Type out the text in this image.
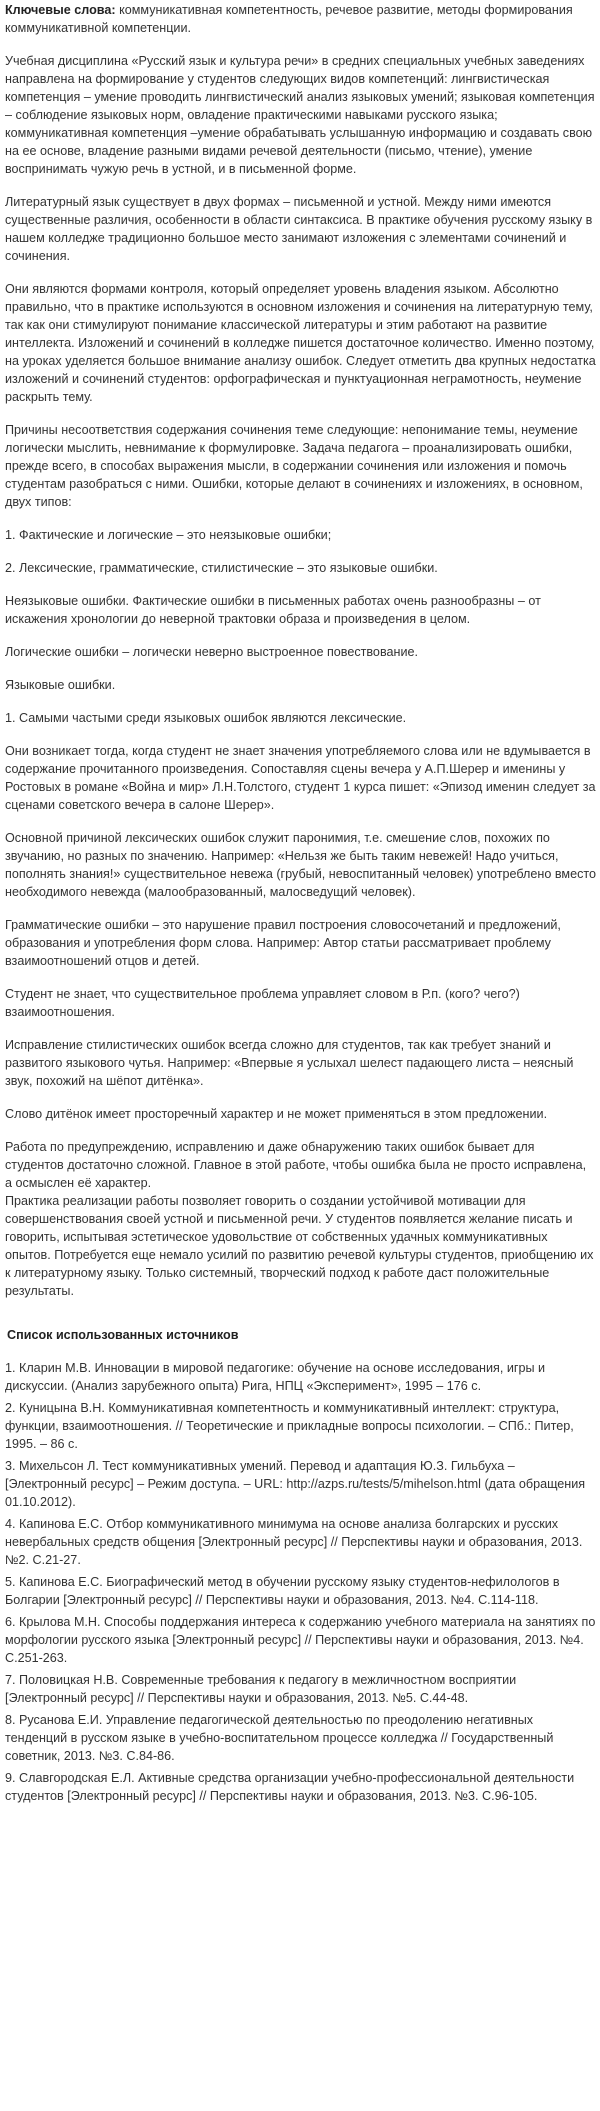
Ключевые слова: коммуникативная компетентность, речевое развитие, методы формирования коммуникативной компетенции.

Учебная дисциплина «Русский язык и культура речи» в средних специальных учебных заведениях направлена на формирование у студентов следующих видов компетенций: лингвистическая компетенция – умение проводить лингвистический анализ языковых умений; языковая компетенция – соблюдение языковых норм, овладение практическими навыками русского языка; коммуникативная компетенция –умение обрабатывать услышанную информацию и создавать свою на ее основе, владение разными видами речевой деятельности (письмо, чтение), умение воспринимать чужую речь в устной, и в письменной форме.

Литературный язык существует в двух формах – письменной и устной. Между ними имеются существенные различия, особенности в области синтаксиса. В практике обучения русскому языку в нашем колледже традиционно большое место занимают изложения с элементами сочинений и сочинения.

Они являются формами контроля, который определяет уровень владения языком. Абсолютно правильно, что в практике используются в основном изложения и сочинения на литературную тему, так как они стимулируют понимание классической литературы и этим работают на развитие интеллекта. Изложений и сочинений в колледже пишется достаточное количество. Именно поэтому, на уроках уделяется большое внимание анализу ошибок. Следует отметить два крупных недостатка изложений и сочинений студентов: орфографическая и пунктуационная неграмотность, неумение раскрыть тему.

Причины несоответствия содержания сочинения теме следующие: непонимание темы, неумение логически мыслить, невнимание к формулировке. Задача педагога – проанализировать ошибки, прежде всего, в способах выражения мысли, в содержании сочинения или изложения и помочь студентам разобраться с ними. Ошибки, которые делают в сочинениях и изложениях, в основном, двух типов:

1. Фактические и логические – это неязыковые ошибки;

2. Лексические, грамматические, стилистические – это языковые ошибки.

Неязыковые ошибки. Фактические ошибки в письменных работах очень разнообразны – от искажения хронологии до неверной трактовки образа и произведения в целом.

Логические ошибки – логически неверно выстроенное повествование.

Языковые ошибки.

1. Самыми частыми среди языковых ошибок являются лексические.

Они возникает тогда, когда студент не знает значения употребляемого слова или не вдумывается в содержание прочитанного произведения. Сопоставляя сцены вечера у А.П.Шерер и именины у Ростовых в романе «Война и мир» Л.Н.Толстого, студент 1 курса пишет: «Эпизод именин следует за сценами советского вечера в салоне Шерер».

Основной причиной лексических ошибок служит паронимия, т.е. смешение слов, похожих по звучанию, но разных по значению. Например: «Нельзя же быть таким невежей! Надо учиться, пополнять знания!» существительное невежа (грубый, невоспитанный человек) употреблено вместо необходимого невежда (малообразованный, малосведущий человек).

Грамматические ошибки – это нарушение правил построения словосочетаний и предложений, образования и употребления форм слова. Например: Автор статьи рассматривает проблему взаимоотношений отцов и детей.

Студент не знает, что существительное проблема управляет словом в Р.п. (кого? чего?) взаимоотношения.

Исправление стилистических ошибок всегда сложно для студентов, так как требует знаний и развитого языкового чутья. Например: «Впервые я услыхал шелест падающего листа – неясный звук, похожий на шёпот дитёнка».

Слово дитёнок имеет просторечный характер и не может применяться в этом предложении.

Работа по предупреждению, исправлению и даже обнаружению таких ошибок бывает для студентов достаточно сложной. Главное в этой работе, чтобы ошибка была не просто исправлена, а осмыслен её характер.

Практика реализации работы позволяет говорить о создании устойчивой мотивации для совершенствования своей устной и письменной речи. У студентов появляется желание писать и говорить, испытывая эстетическое удовольствие от собственных удачных коммуникативных опытов. Потребуется еще немало усилий по развитию речевой культуры студентов, приобщению их к литературному языку. Только системный, творческий подход к работе даст положительные результаты.

Список использованных источников
1. Кларин М.В. Инновации в мировой педагогике: обучение на основе исследования, игры и дискуссии. (Анализ зарубежного опыта) Рига, НПЦ «Эксперимент», 1995 – 176 с.
2. Куницына В.Н. Коммуникативная компетентность и коммуникативный интеллект: структура, функции, взаимоотношения. // Теоретические и прикладные вопросы психологии. – СПб.: Питер, 1995. – 86 с.
3. Михельсон Л. Тест коммуникативных умений. Перевод и адаптация Ю.З. Гильбуха – [Электронный ресурс] – Режим доступа. – URL: http://azps.ru/tests/5/mihelson.html (дата обращения 01.10.2012).
4. Капинова Е.С. Отбор коммуникативного минимума на основе анализа болгарских и русских невербальных средств общения [Электронный ресурс] // Перспективы науки и образования, 2013. №2. С.21-27.
5. Капинова Е.С. Биографический метод в обучении русскому языку студентов-нефилологов в Болгарии [Электронный ресурс] // Перспективы науки и образования, 2013. №4. С.114-118.
6. Крылова М.Н. Способы поддержания интереса к содержанию учебного материала на занятиях по морфологии русского языка [Электронный ресурс] // Перспективы науки и образования, 2013. №4. С.251-263.
7. Половицкая Н.В. Современные требования к педагогу в межличностном восприятии [Электронный ресурс] // Перспективы науки и образования, 2013. №5. С.44-48.
8. Русанова Е.И. Управление педагогической деятельностью по преодолению негативных тенденций в русском языке в учебно-воспитательном процессе колледжа // Государственный советник, 2013. №3. С.84-86.
9. Славгородская Е.Л. Активные средства организации учебно-профессиональной деятельности студентов [Электронный ресурс] // Перспективы науки и образования, 2013. №3. С.96-105.
